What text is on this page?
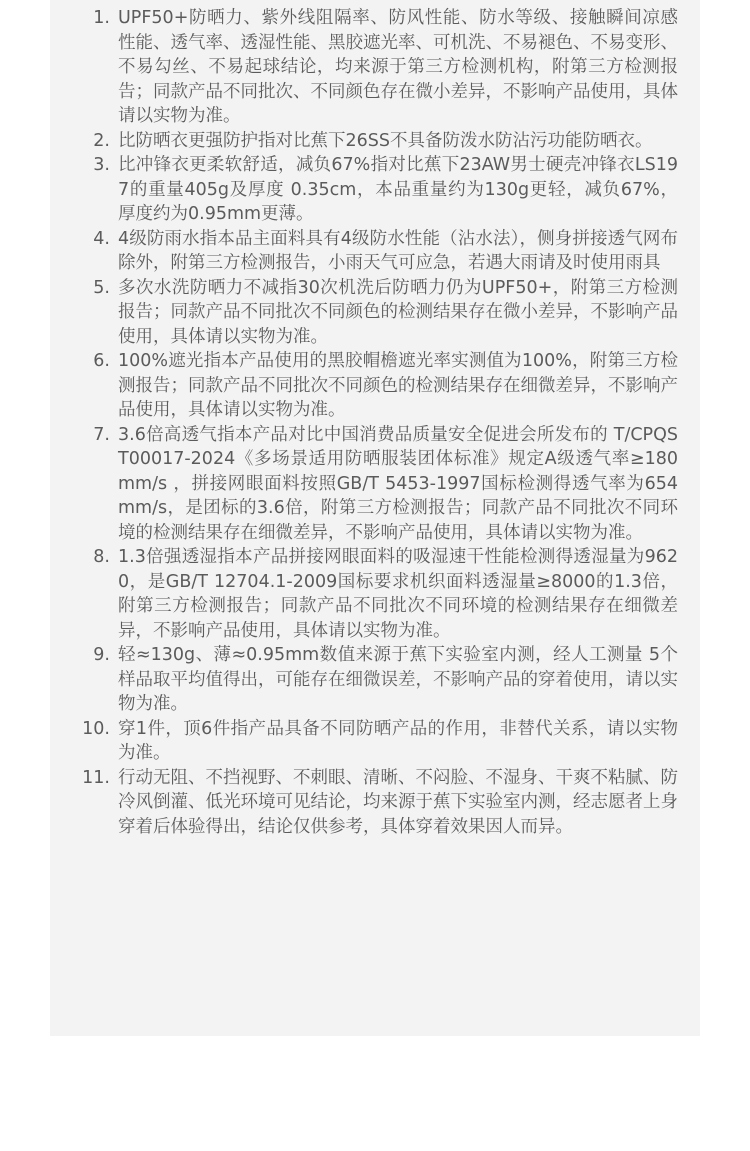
1. UPF50+防晒力、紫外线阻隔率、防风性能、防水等级、接触瞬间凉感性能、透气率、透湿性能、黑胶遮光率、可机洗、不易褪色、不易变形、 不易勾丝、不易起球结论，均来源于第三方检测机构，附第三方检测报告；同款产品不同批次、不同颜色存在微小差异，不影响产品使用，具体请以实物为准。
2. 比防晒衣更强防护指对比蕉下26SS不具备防泼水防沾污功能防晒衣。
3. 比冲锋衣更柔软舒适，减负67%指对比蕉下23AW男士硬壳冲锋衣LS197的重量405g及厚度 0.35cm，本品重量约为130g更轻，减负67%，厚度约为0.95mm更薄。
4. 4级防雨水指本品主面料具有4级防水性能（沾水法），侧身拼接透气网布除外，附第三方检测报告，小雨天气可应急，若遇大雨请及时使用雨具
5. 多次水洗防晒力不减指30次机洗后防晒力仍为UPF50+，附第三方检测报告；同款产品不同批次不同颜色的检测结果存在微小差异，不影响产品使用，具体请以实物为准。
6. 100%遮光指本产品使用的黑胶帽檐遮光率实测值为100%，附第三方检测报告；同款产品不同批次不同颜色的检测结果存在细微差异，不影响产品使用，具体请以实物为准。
7. 3.6倍高透气指本产品对比中国消费品质量安全促进会所发布的 T/CPQS T00017-2024《多场景适用防晒服装团体标准》规定A级透气率≥180mm/s ，拼接网眼面料按照GB/T 5453-1997国标检测得透气率为654mm/s，是团标的3.6倍，附第三方检测报告；同款产品不同批次不同环境的检测结果存在细微差异，不影响产品使用，具体请以实物为准。
8. 1.3倍强透湿指本产品拼接网眼面料的吸湿速干性能检测得透湿量为9620，是GB/T 12704.1-2009国标要求机织面料透湿量≥8000的1.3倍，附第三方检测报告；同款产品不同批次不同环境的检测结果存在细微差异，不影响产品使用，具体请以实物为准。
9. 轻≈130g、薄≈0.95mm数值来源于蕉下实验室内测，经人工测量 5个样品取平均值得出，可能存在细微误差，不影响产品的穿着使用，请以实物为准。
10. 穿1件，顶6件指产品具备不同防晒产品的作用，非替代关系，请以实物为准。
11. 行动无阻、不挡视野、不刺眼、清晰、不闷脸、不湿身、干爽不粘腻、防冷风倒灌、低光环境可见结论，均来源于蕉下实验室内测，经志愿者上身穿着后体验得出，结论仅供参考，具体穿着效果因人而异。
